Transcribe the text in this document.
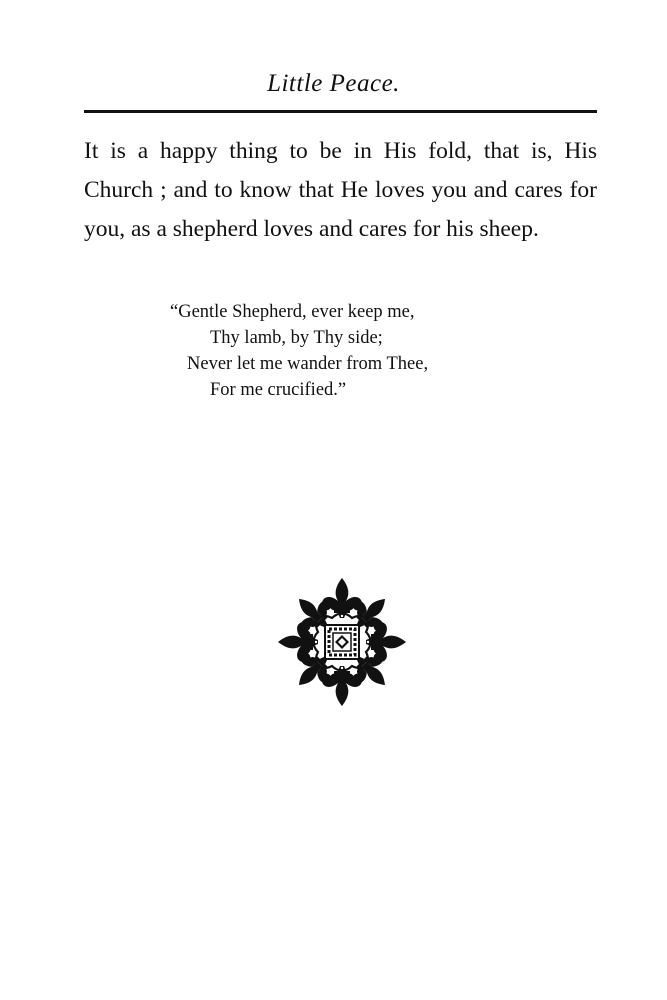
Little Peace.

It is a happy thing to be in His fold, that is, His Church ; and to know that He loves you and cares for you, as a shepherd loves and cares for his sheep.

“Gentle Shepherd, ever keep me,
Thy lamb, by Thy side;
Never let me wander from Thee,
For me crucified.”
